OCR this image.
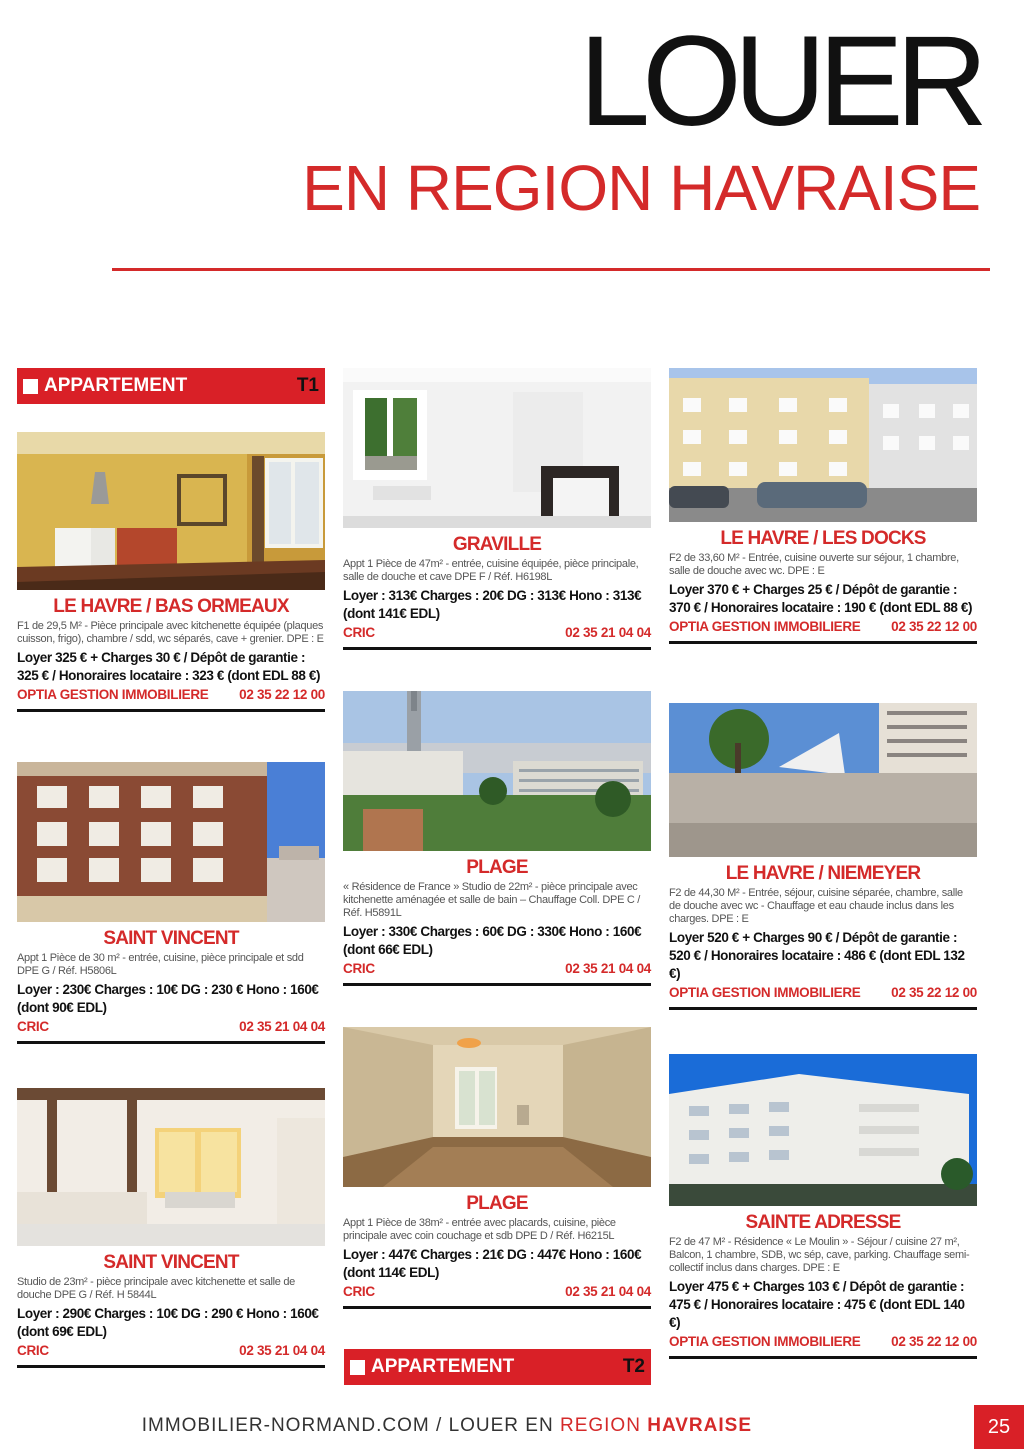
LOUER
EN REGION HAVRAISE
APPARTEMENT	T1
LE HAVRE / BAS ORMEAUX

F1 de 29,5 M² - Pièce principale avec kitchenette équipée (plaques cuisson, frigo), chambre / sdd, wc séparés, cave + grenier. DPE : E

Loyer 325 € + Charges 30 € / Dépôt de garantie : 325 € / Honoraires locataire : 323 € (dont EDL 88 €)

OPTIA GESTION IMMOBILIERE 02 35 22 12 00
SAINT VINCENT

Appt 1 Pièce de 30 m² - entrée, cuisine, pièce principale et sdd DPE G / Réf. H5806L

Loyer : 230€ Charges : 10€ DG : 230 € Hono : 160€ (dont 90€ EDL)

CRIC	02 35 21 04 04
SAINT VINCENT

Studio de 23m² - pièce principale avec kitchenette et salle de douche DPE G / Réf. H 5844L

Loyer : 290€ Charges : 10€ DG : 290 € Hono : 160€ (dont 69€ EDL)

CRIC	02 35 21 04 04
GRAVILLE

Appt 1 Pièce de 47m² - entrée, cuisine équipée, pièce principale, salle de douche et cave DPE F / Réf. H6198L

Loyer : 313€ Charges : 20€ DG : 313€ Hono : 313€ (dont 141€ EDL)

CRIC	02 35 21 04 04
PLAGE

« Résidence de France » Studio de 22m² - pièce principale avec kitchenette aménagée et salle de bain – Chauffage Coll. DPE C / Réf. H5891L

Loyer : 330€ Charges : 60€ DG : 330€ Hono : 160€ (dont 66€ EDL)

CRIC	02 35 21 04 04
PLAGE

Appt 1 Pièce de 38m² - entrée avec placards, cuisine, pièce principale avec coin couchage et sdb DPE D / Réf. H6215L

Loyer : 447€ Charges : 21€ DG : 447€ Hono : 160€ (dont 114€ EDL)

CRIC	02 35 21 04 04
APPARTEMENT	T2
LE HAVRE / LES DOCKS

F2 de 33,60 M² - Entrée, cuisine ouverte sur séjour, 1 chambre, salle de douche avec wc. DPE : E

Loyer 370 € + Charges 25 € / Dépôt de garantie : 370 € / Honoraires locataire : 190 € (dont EDL 88 €)

OPTIA GESTION IMMOBILIERE 02 35 22 12 00
LE HAVRE / NIEMEYER

F2 de 44,30 M² - Entrée, séjour, cuisine séparée, chambre, salle de douche avec wc - Chauffage et eau chaude inclus dans les charges. DPE : E

Loyer 520 € + Charges 90 € / Dépôt de garantie : 520 € / Honoraires locataire : 486 € (dont EDL 132 €)

OPTIA GESTION IMMOBILIERE 02 35 22 12 00
SAINTE ADRESSE

F2 de 47 M² - Résidence « Le Moulin » - Séjour / cuisine 27 m², Balcon, 1 chambre, SDB, wc sép, cave, parking. Chauffage semi-collectif inclus dans charges. DPE : E

Loyer 475 € + Charges 103 € / Dépôt de garantie : 475 € / Honoraires locataire : 475 € (dont EDL 140 €)

OPTIA GESTION IMMOBILIERE 02 35 22 12 00
IMMOBILIER-NORMAND.COM / LOUER EN REGION HAVRAISE	25
